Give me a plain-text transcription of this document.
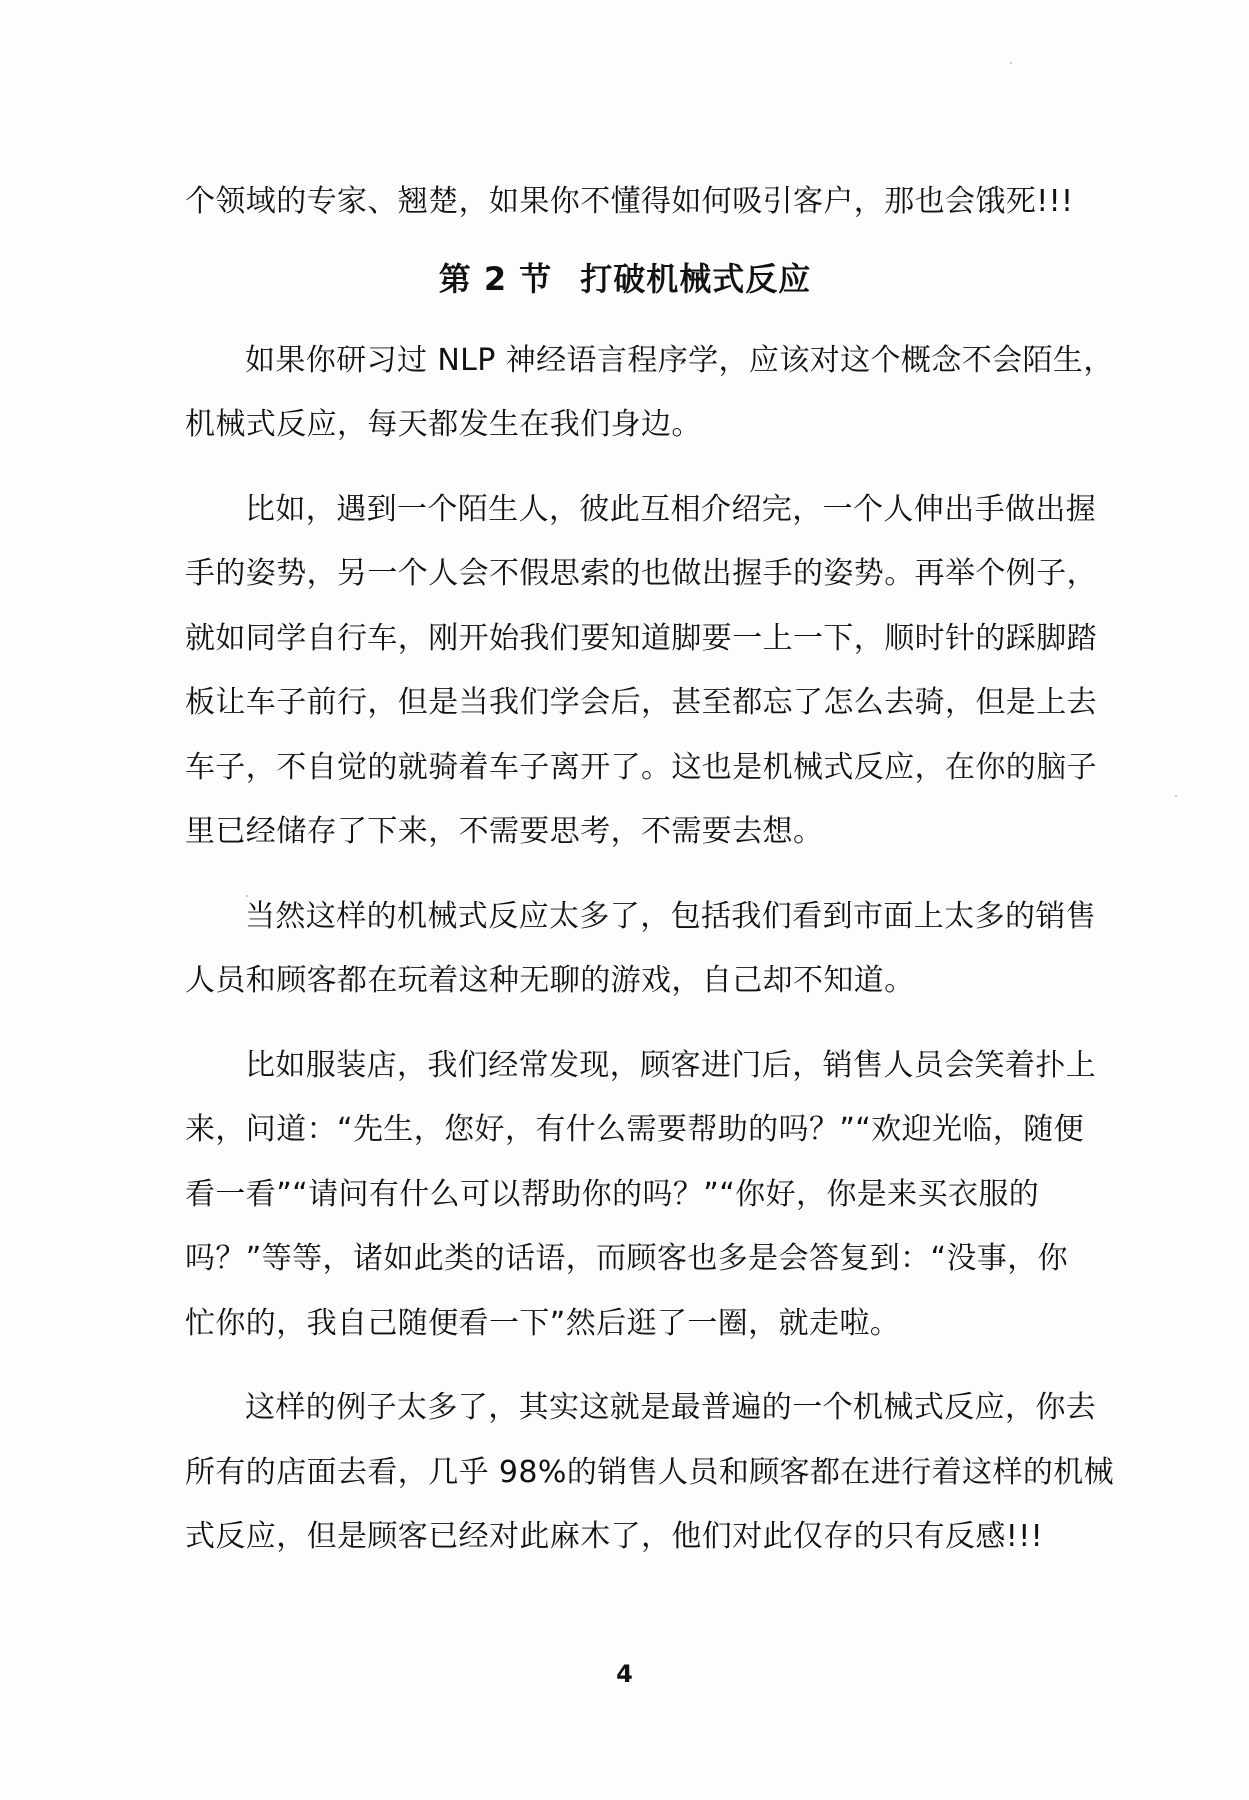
个领域的专家、翘楚，如果你不懂得如何吸引客户，那也会饿死!!!
第 2 节 打破机械式反应
如果你研习过 NLP 神经语言程序学，应该对这个概念不会陌生，
机械式反应，每天都发生在我们身边。
比如，遇到一个陌生人，彼此互相介绍完，一个人伸出手做出握
手的姿势，另一个人会不假思索的也做出握手的姿势。再举个例子，
就如同学自行车，刚开始我们要知道脚要一上一下，顺时针的踩脚踏
板让车子前行，但是当我们学会后，甚至都忘了怎么去骑，但是上去
车子，不自觉的就骑着车子离开了。这也是机械式反应，在你的脑子
里已经储存了下来，不需要思考，不需要去想。
当然这样的机械式反应太多了，包括我们看到市面上太多的销售
人员和顾客都在玩着这种无聊的游戏，自己却不知道。
比如服装店，我们经常发现，顾客进门后，销售人员会笑着扑上
来，问道：“先生，您好，有什么需要帮助的吗？”“欢迎光临，随便
看一看”“请问有什么可以帮助你的吗？”“你好，你是来买衣服的
吗？”等等，诸如此类的话语，而顾客也多是会答复到：“没事，你
忙你的，我自己随便看一下”然后逛了一圈，就走啦。
这样的例子太多了，其实这就是最普遍的一个机械式反应，你去
所有的店面去看，几乎 98%的销售人员和顾客都在进行着这样的机械
式反应，但是顾客已经对此麻木了，他们对此仅存的只有反感!!!
4
